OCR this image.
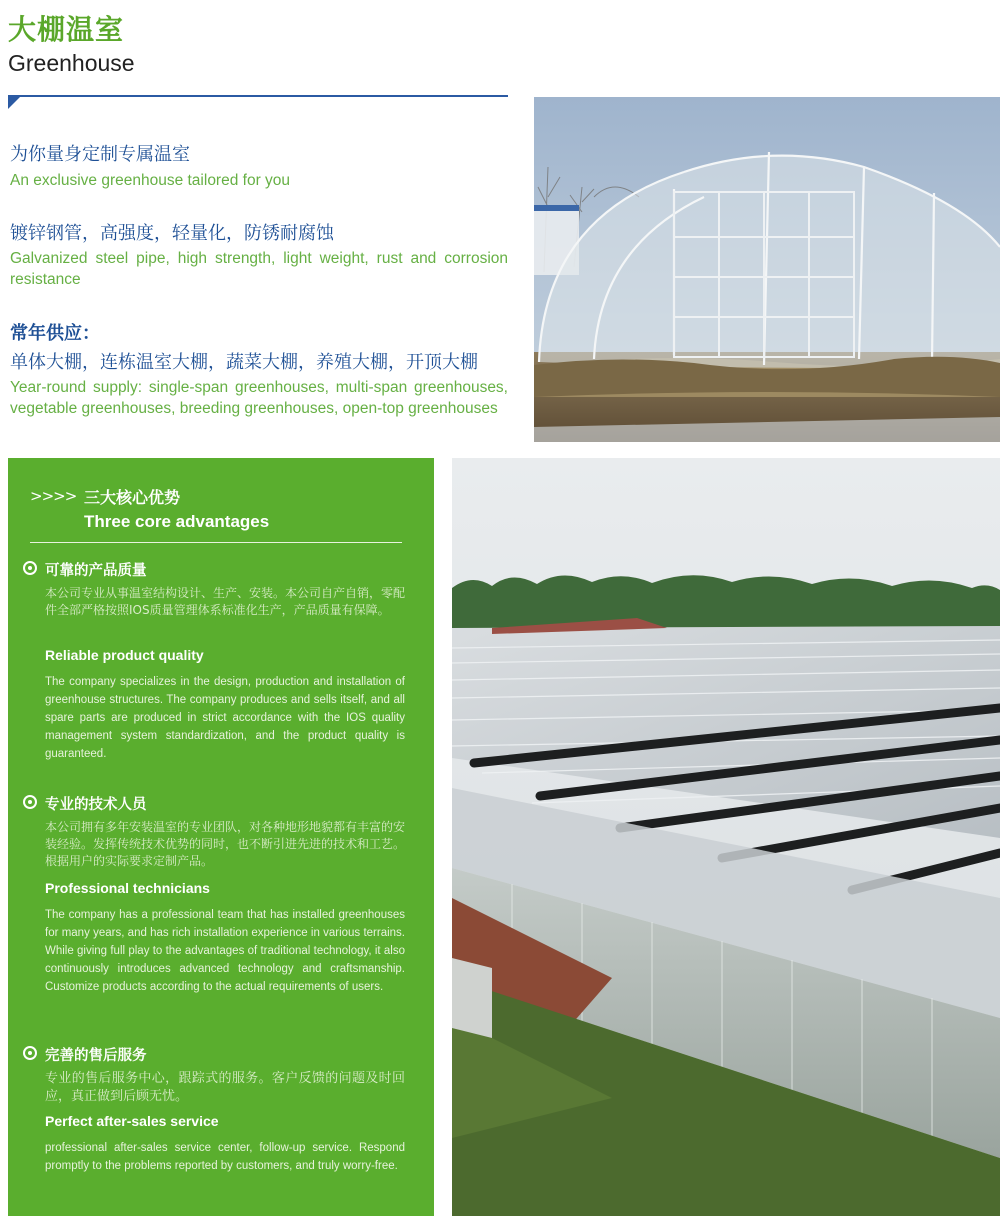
大棚温室
Greenhouse
为你量身定制专属温室
An exclusive greenhouse tailored for you
镀锌钢管，高强度，轻量化，防锈耐腐蚀
Galvanized steel pipe, high strength, light weight, rust and corrosion resistance
常年供应：
单体大棚，连栋温室大棚，蔬菜大棚，养殖大棚，开顶大棚
Year-round supply: single-span greenhouses, multi-span greenhouses, vegetable greenhouses, breeding greenhouses, open-top greenhouses
>>>> 三大核心优势
Three core advantages
可靠的产品质量
本公司专业从事温室结构设计、生产、安装。本公司自产自销，零配件全部严格按照IOS质量管理体系标准化生产，产品质量有保障。
Reliable product quality
The company specializes in the design, production and installation of greenhouse structures. The company produces and sells itself, and all spare parts are produced in strict accordance with the IOS quality management system standardization, and the product quality is guaranteed.
专业的技术人员
本公司拥有多年安装温室的专业团队，对各种地形地貌都有丰富的安装经验。发挥传统技术优势的同时，也不断引进先进的技术和工艺。根据用户的实际要求定制产品。
Professional technicians
The company has a professional team that has installed greenhouses for many years, and has rich installation experience in various terrains. While giving full play to the advantages of traditional technology, it also continuously introduces advanced technology and craftsmanship. Customize products according to the actual requirements of users.
完善的售后服务
专业的售后服务中心，跟踪式的服务。客户反馈的问题及时回应，真正做到后顾无忧。
Perfect after-sales service
professional after-sales service center, follow-up service. Respond promptly to the problems reported by customers, and truly worry-free.
